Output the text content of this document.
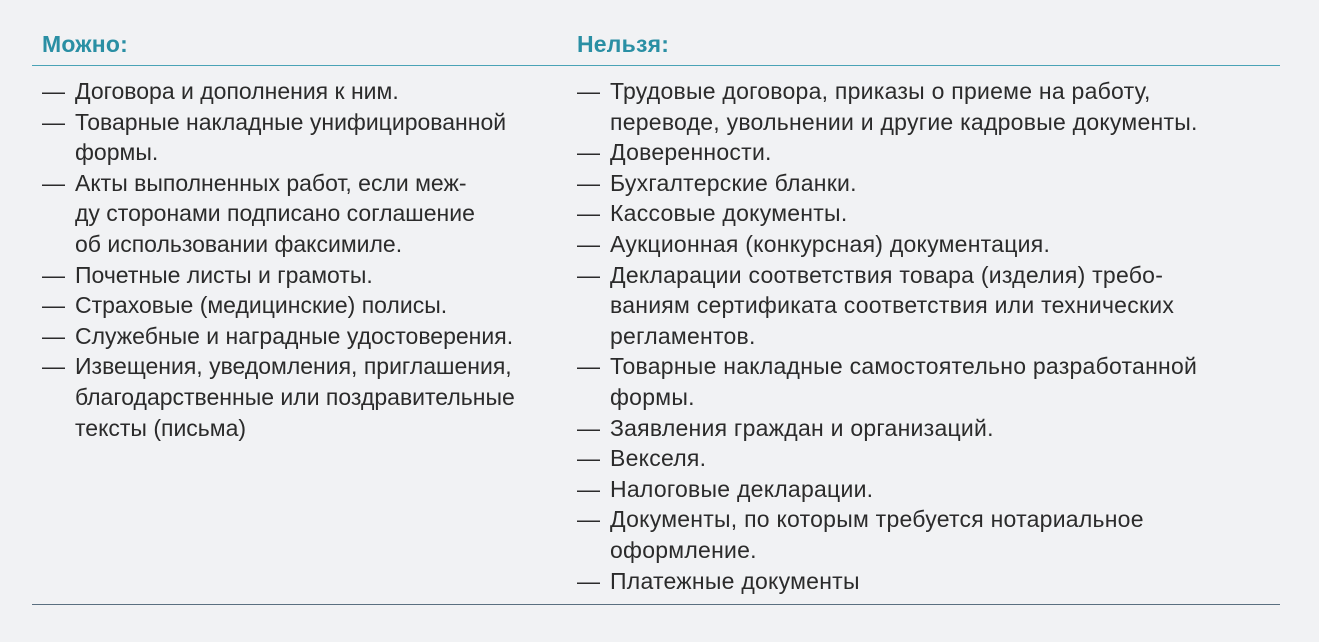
Можно:
— Договора и дополнения к ним.
— Товарные накладные унифицированной
формы.
— Акты выполненных работ, если меж-
ду сторонами подписано соглашение
об использовании факсимиле.
— Почетные листы и грамоты.
— Страховые (медицинские) полисы.
— Служебные и наградные удостоверения.
— Извещения, уведомления, приглашения,
благодарственные или поздравительные
тексты (письма)
Нельзя:
— Трудовые договора, приказы о приеме на работу,
переводе, увольнении и другие кадровые документы.
— Доверенности.
— Бухгалтерские бланки.
— Кассовые документы.
— Аукционная (конкурсная) документация.
— Декларации соответствия товара (изделия) требо-
ваниям сертификата соответствия или технических
регламентов.
— Товарные накладные самостоятельно разработанной
формы.
— Заявления граждан и организаций.
— Векселя.
— Налоговые декларации.
— Документы, по которым требуется нотариальное
оформление.
— Платежные документы
